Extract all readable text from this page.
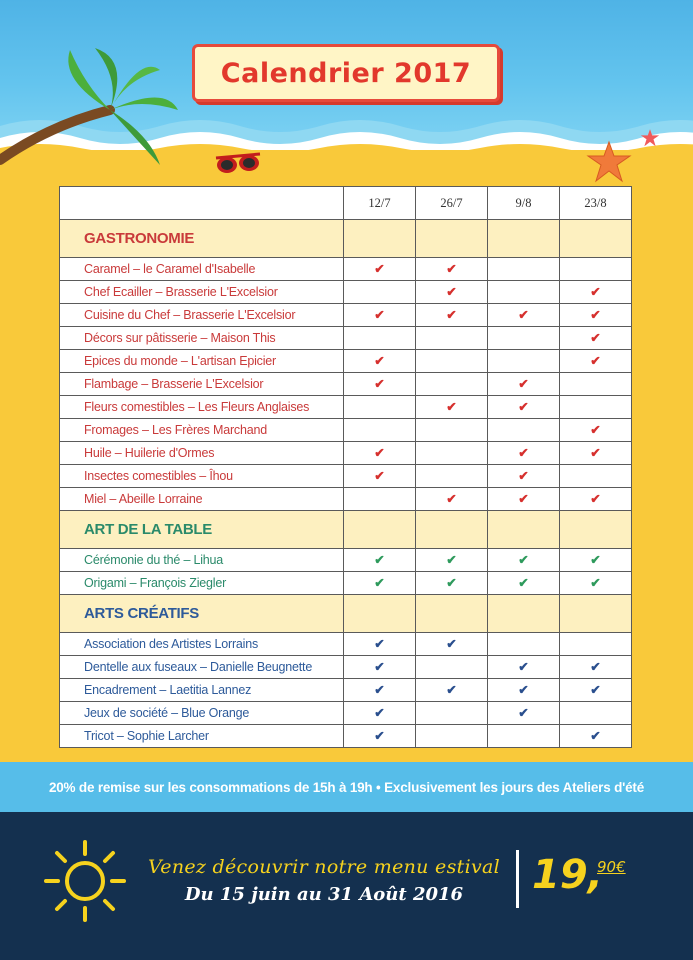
Calendrier 2017
	12/7	26/7	9/8	23/8
GASTRONOMIE				
Caramel – le Caramel d'Isabelle	✔	✔		
Chef Ecailler – Brasserie L'Excelsior		✔		✔
Cuisine du Chef – Brasserie L'Excelsior	✔	✔	✔	✔
Décors sur pâtisserie – Maison This				✔
Epices du monde – L'artisan Epicier	✔			✔
Flambage – Brasserie L'Excelsior	✔		✔	
Fleurs comestibles – Les Fleurs Anglaises		✔	✔	
Fromages – Les Frères Marchand				✔
Huile – Huilerie d'Ormes	✔		✔	✔
Insectes comestibles – Îhou	✔		✔	
Miel – Abeille Lorraine		✔	✔	✔
ART DE LA TABLE				
Cérémonie du thé – Lihua	✔	✔	✔	✔
Origami – François Ziegler	✔	✔	✔	✔
ARTS CRÉATIFS				
Association des Artistes Lorrains	✔	✔		
Dentelle aux fuseaux – Danielle Beugnette	✔		✔	✔
Encadrement – Laetitia Lannez	✔	✔	✔	✔
Jeux de société – Blue Orange	✔		✔	
Tricot – Sophie Larcher	✔			✔
20% de remise sur les consommations de 15h à 19h • Exclusivement les jours des Ateliers d'été
Venez découvrir notre menu estival
Du 15 juin au 31 Août 2016	19,
90€
